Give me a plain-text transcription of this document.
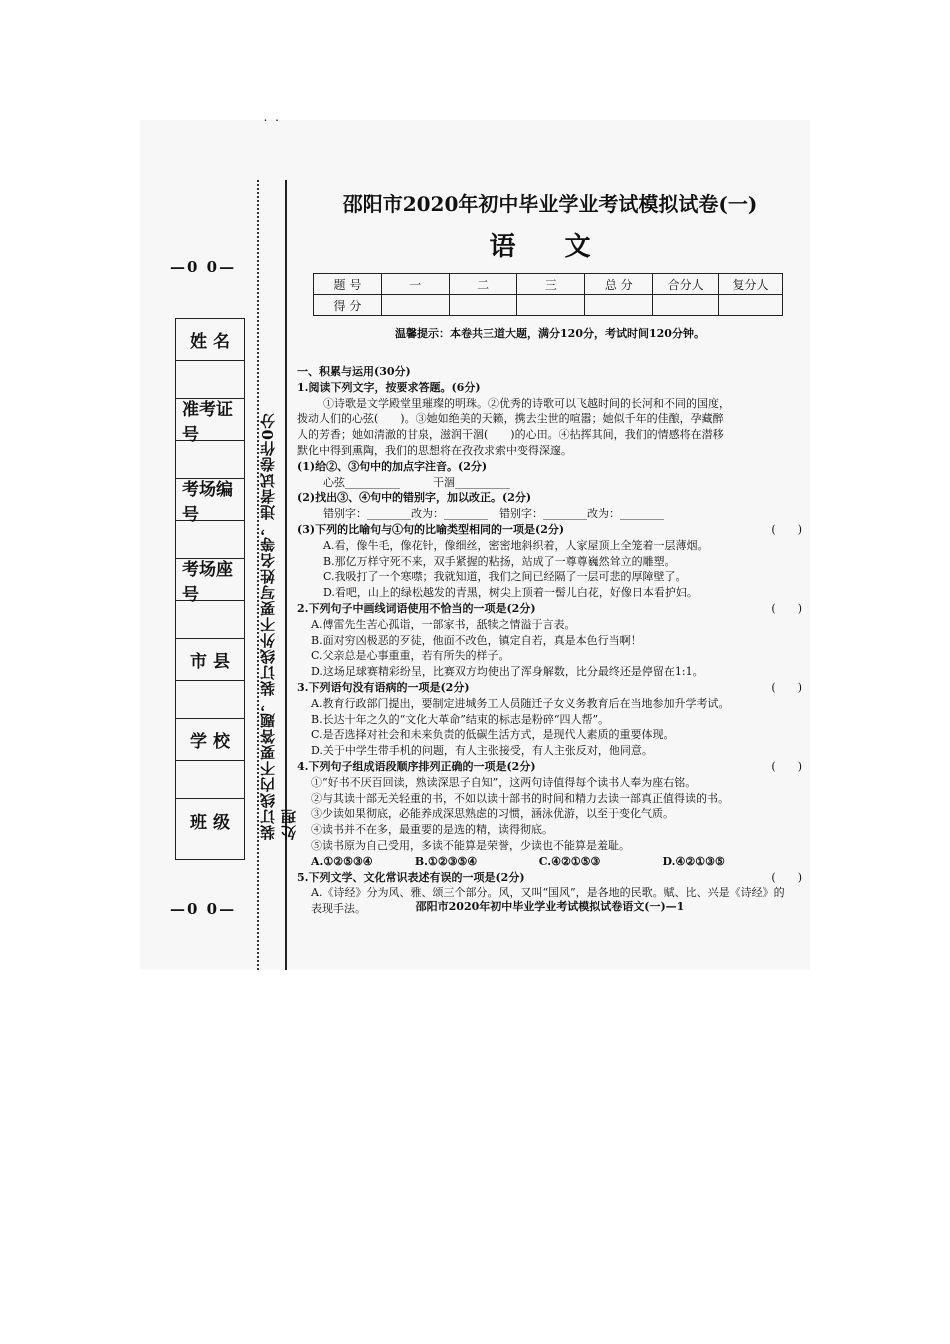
˙ ˙
—0 0—
—0 0—
姓 名
准考证号
考场编号
考场座号
市 县
学 校
班 级	装订线内不要答题，装订线外不要写姓名等，违者试卷作0分处理
邵阳市2020年初中毕业学业考试模拟试卷(一)
语 文
题 号	一	二	三	总 分	合分人	复分人
得 分						
温馨提示：本卷共三道大题，满分120分，考试时间120分钟。
一、积累与运用(30分)
1.阅读下列文字，按要求答题。(6分)
①诗歌是文学殿堂里璀璨的明珠。②优秀的诗歌可以飞越时间的长河和不同的国度，
拨动人们的心弦(　　)。③她如绝美的天籁，携去尘世的喧嚣；她似千年的佳酿，孕藏醉
人的芳香；她如清澈的甘泉，滋润干涸(　　)的心田。④拈挥其间，我们的情感将在潜移
默化中得到熏陶，我们的思想将在孜孜求索中变得深邃。
(1)给②、③句中的加点字注音。(2分)
心弦__________　　　干涸__________
(2)找出③、④句中的错别字，加以改正。(2分)
错别字：________改为：________　错别字：________改为：________
(3)下列的比喻句与①句的比喻类型相同的一项是(2分)	(　　)
A.看，像牛毛，像花针，像细丝，密密地斜织着，人家屋顶上全笼着一层薄烟。
B.那亿万样守死不来，双手紧握的粘扬，站成了一尊尊巍然耸立的雕塑。
C.我吸打了一个寒噤；我就知道，我们之间已经隔了一层可悲的厚障壁了。
D.看吧，山上的绿松越发的青黑，树尖上顶着一髻儿白花，好像日本看护妇。
2.下列句子中画线词语使用不恰当的一项是(2分)	(　　)
A.傅雷先生苦心孤诣，一部家书，舐犊之情溢于言表。
B.面对穷凶极恶的歹徒，他面不改色，镇定自若，真是本色行当啊！
C.父亲总是心事重重，若有所失的样子。
D.这场足球赛精彩纷呈，比赛双方均使出了浑身解数，比分最终还是停留在1:1。
3.下列语句没有语病的一项是(2分)	(　　)
A.教育行政部门提出，要制定进城务工人员随迁子女义务教育后在当地参加升学考试。
B.长达十年之久的“文化大革命”结束的标志是粉碎“四人帮”。
C.是否选择对社会和未来负责的低碳生活方式，是现代人素质的重要体现。
D.关于中学生带手机的问题，有人主张接受，有人主张反对，他同意。
4.下列句子组成语段顺序排列正确的一项是(2分)	(　　)
①“好书不厌百回读，熟读深思子自知”，这两句诗值得每个读书人奉为座右铭。
②与其读十部无关轻重的书，不如以读十部书的时间和精力去读一部真正值得读的书。
③少读如果彻底，必能养成深思熟虑的习惯，涵泳优游，以至于变化气质。
④读书并不在多，最重要的是选的精，读得彻底。
⑤读书原为自己受用，多读不能算是荣誉，少读也不能算是羞耻。
A.①②⑤③④	B.①②③⑤④	C.④②①⑤③	D.④②①③⑤
5.下列文学、文化常识表述有误的一项是(2分)	(　　)
A.《诗经》分为风、雅、颂三个部分。风，又叫“国风”，是各地的民歌。赋、比、兴是《诗经》的
表现手法。	邵阳市2020年初中毕业学业考试模拟试卷语文(一)—1
